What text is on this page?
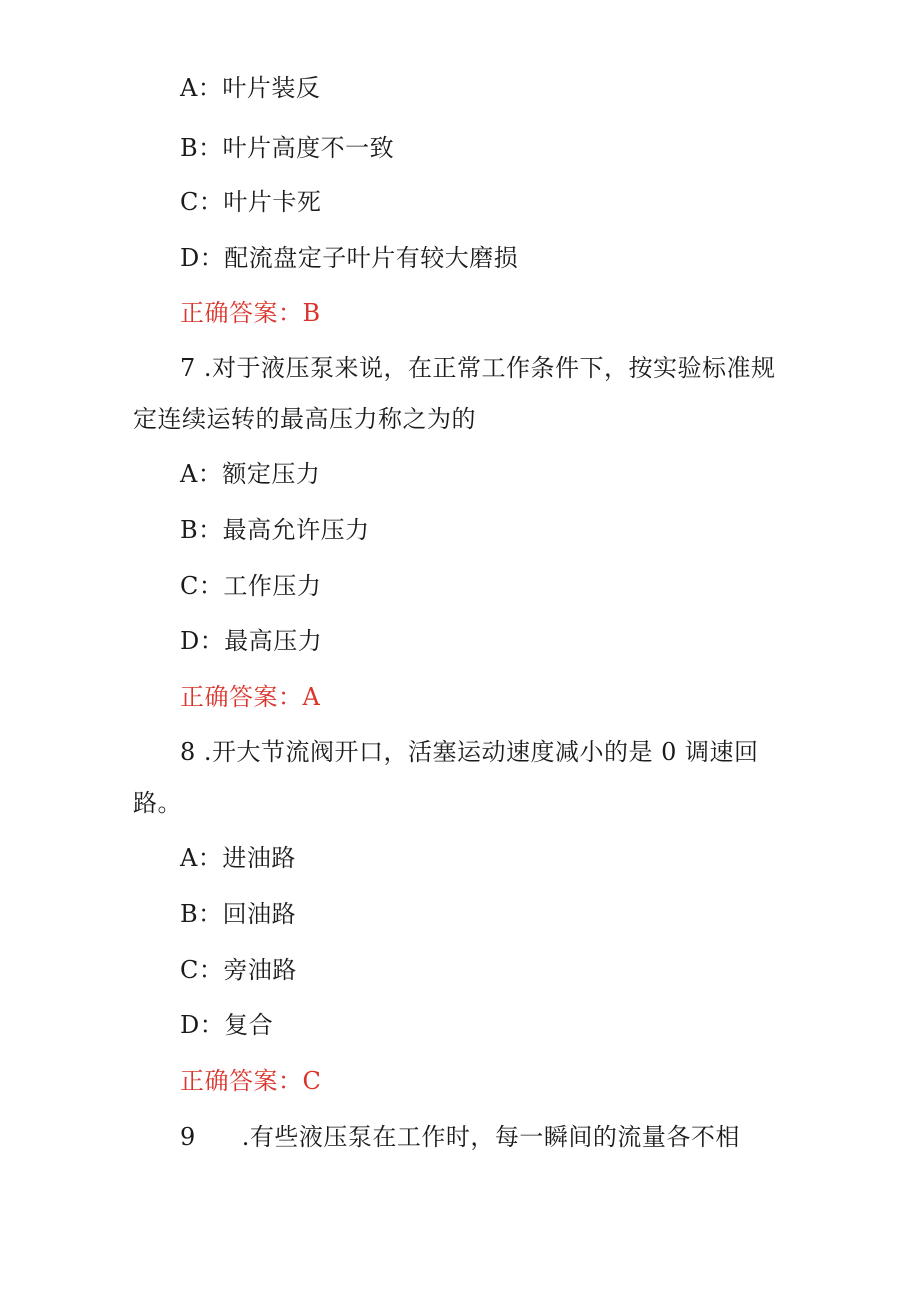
A：叶片装反
B：叶片高度不一致
C：叶片卡死
D：配流盘定子叶片有较大磨损
正确答案：B
7 .对于液压泵来说，在正常工作条件下，按实验标准规
定连续运转的最高压力称之为的
A：额定压力
B：最高允许压力
C：工作压力
D：最高压力
正确答案：A
8 .开大节流阀开口，活塞运动速度减小的是 0 调速回
路。
A：进油路
B：回油路
C：旁油路
D：复合
正确答案：C
9 .有些液压泵在工作时，每一瞬间的流量各不相
